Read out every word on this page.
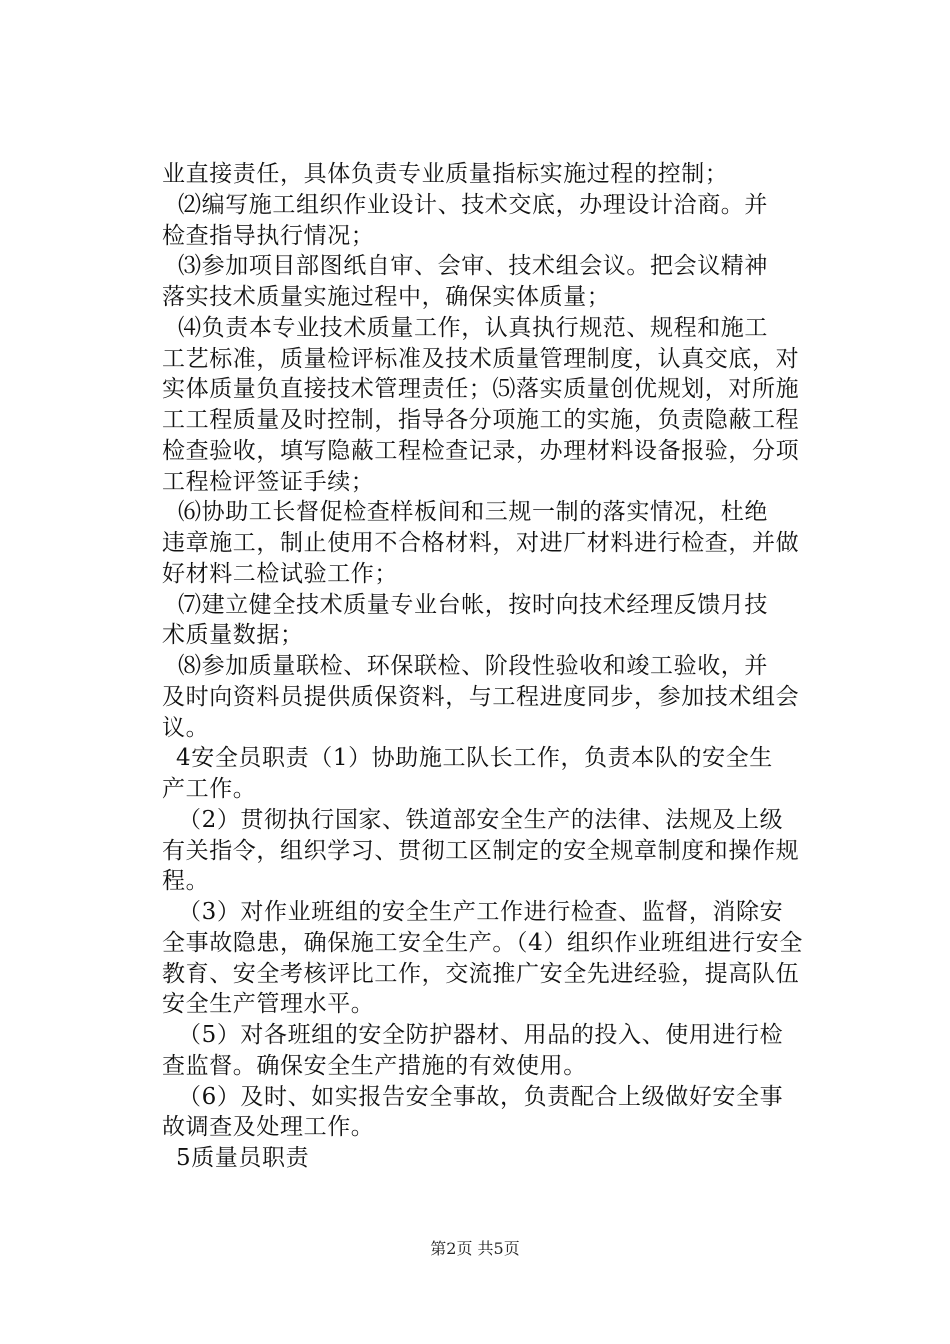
业直接责任，具体负责专业质量指标实施过程的控制；
⑵编写施工组织作业设计、技术交底，办理设计洽商。并
检查指导执行情况；
⑶参加项目部图纸自审、会审、技术组会议。把会议精神
落实技术质量实施过程中，确保实体质量；
⑷负责本专业技术质量工作，认真执行规范、规程和施工
工艺标准，质量检评标准及技术质量管理制度，认真交底，对
实体质量负直接技术管理责任；⑸落实质量创优规划，对所施
工工程质量及时控制，指导各分项施工的实施，负责隐蔽工程
检查验收，填写隐蔽工程检查记录，办理材料设备报验，分项
工程检评签证手续；
⑹协助工长督促检查样板间和三规一制的落实情况，杜绝
违章施工，制止使用不合格材料，对进厂材料进行检查，并做
好材料二检试验工作；
⑺建立健全技术质量专业台帐，按时向技术经理反馈月技
术质量数据；
⑻参加质量联检、环保联检、阶段性验收和竣工验收，并
及时向资料员提供质保资料，与工程进度同步，参加技术组会
议。
4安全员职责（1）协助施工队长工作，负责本队的安全生
产工作。
（2）贯彻执行国家、铁道部安全生产的法律、法规及上级
有关指令，组织学习、贯彻工区制定的安全规章制度和操作规
程。
（3）对作业班组的安全生产工作进行检查、监督，消除安
全事故隐患，确保施工安全生产。（4）组织作业班组进行安全
教育、安全考核评比工作，交流推广安全先进经验，提高队伍
安全生产管理水平。
（5）对各班组的安全防护器材、用品的投入、使用进行检
查监督。确保安全生产措施的有效使用。
（6）及时、如实报告安全事故，负责配合上级做好安全事
故调查及处理工作。
5质量员职责
第2页 共5页
